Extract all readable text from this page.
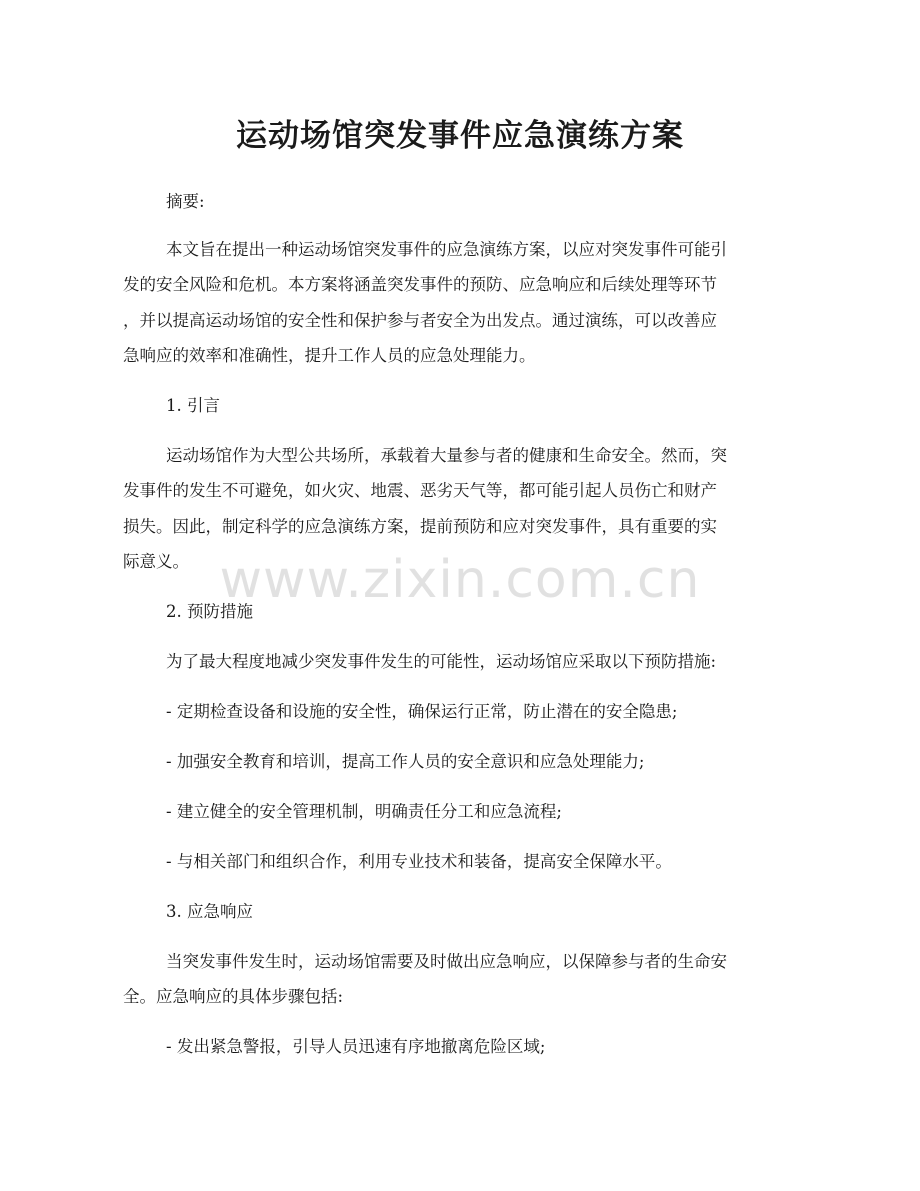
运动场馆突发事件应急演练方案

摘要:

本文旨在提出一种运动场馆突发事件的应急演练方案，以应对突发事件可能引

发的安全风险和危机。本方案将涵盖突发事件的预防、应急响应和后续处理等环节

，并以提高运动场馆的安全性和保护参与者安全为出发点。通过演练，可以改善应

急响应的效率和准确性，提升工作人员的应急处理能力。

1. 引言

运动场馆作为大型公共场所，承载着大量参与者的健康和生命安全。然而，突

发事件的发生不可避免，如火灾、地震、恶劣天气等，都可能引起人员伤亡和财产

损失。因此，制定科学的应急演练方案，提前预防和应对突发事件，具有重要的实

际意义。

2. 预防措施

为了最大程度地减少突发事件发生的可能性，运动场馆应采取以下预防措施:

- 定期检查设备和设施的安全性，确保运行正常，防止潜在的安全隐患;

- 加强安全教育和培训，提高工作人员的安全意识和应急处理能力;

- 建立健全的安全管理机制，明确责任分工和应急流程;

- 与相关部门和组织合作，利用专业技术和装备，提高安全保障水平。

3. 应急响应

当突发事件发生时，运动场馆需要及时做出应急响应，以保障参与者的生命安

全。应急响应的具体步骤包括:

- 发出紧急警报，引导人员迅速有序地撤离危险区域;

www.zixin.com.cn
